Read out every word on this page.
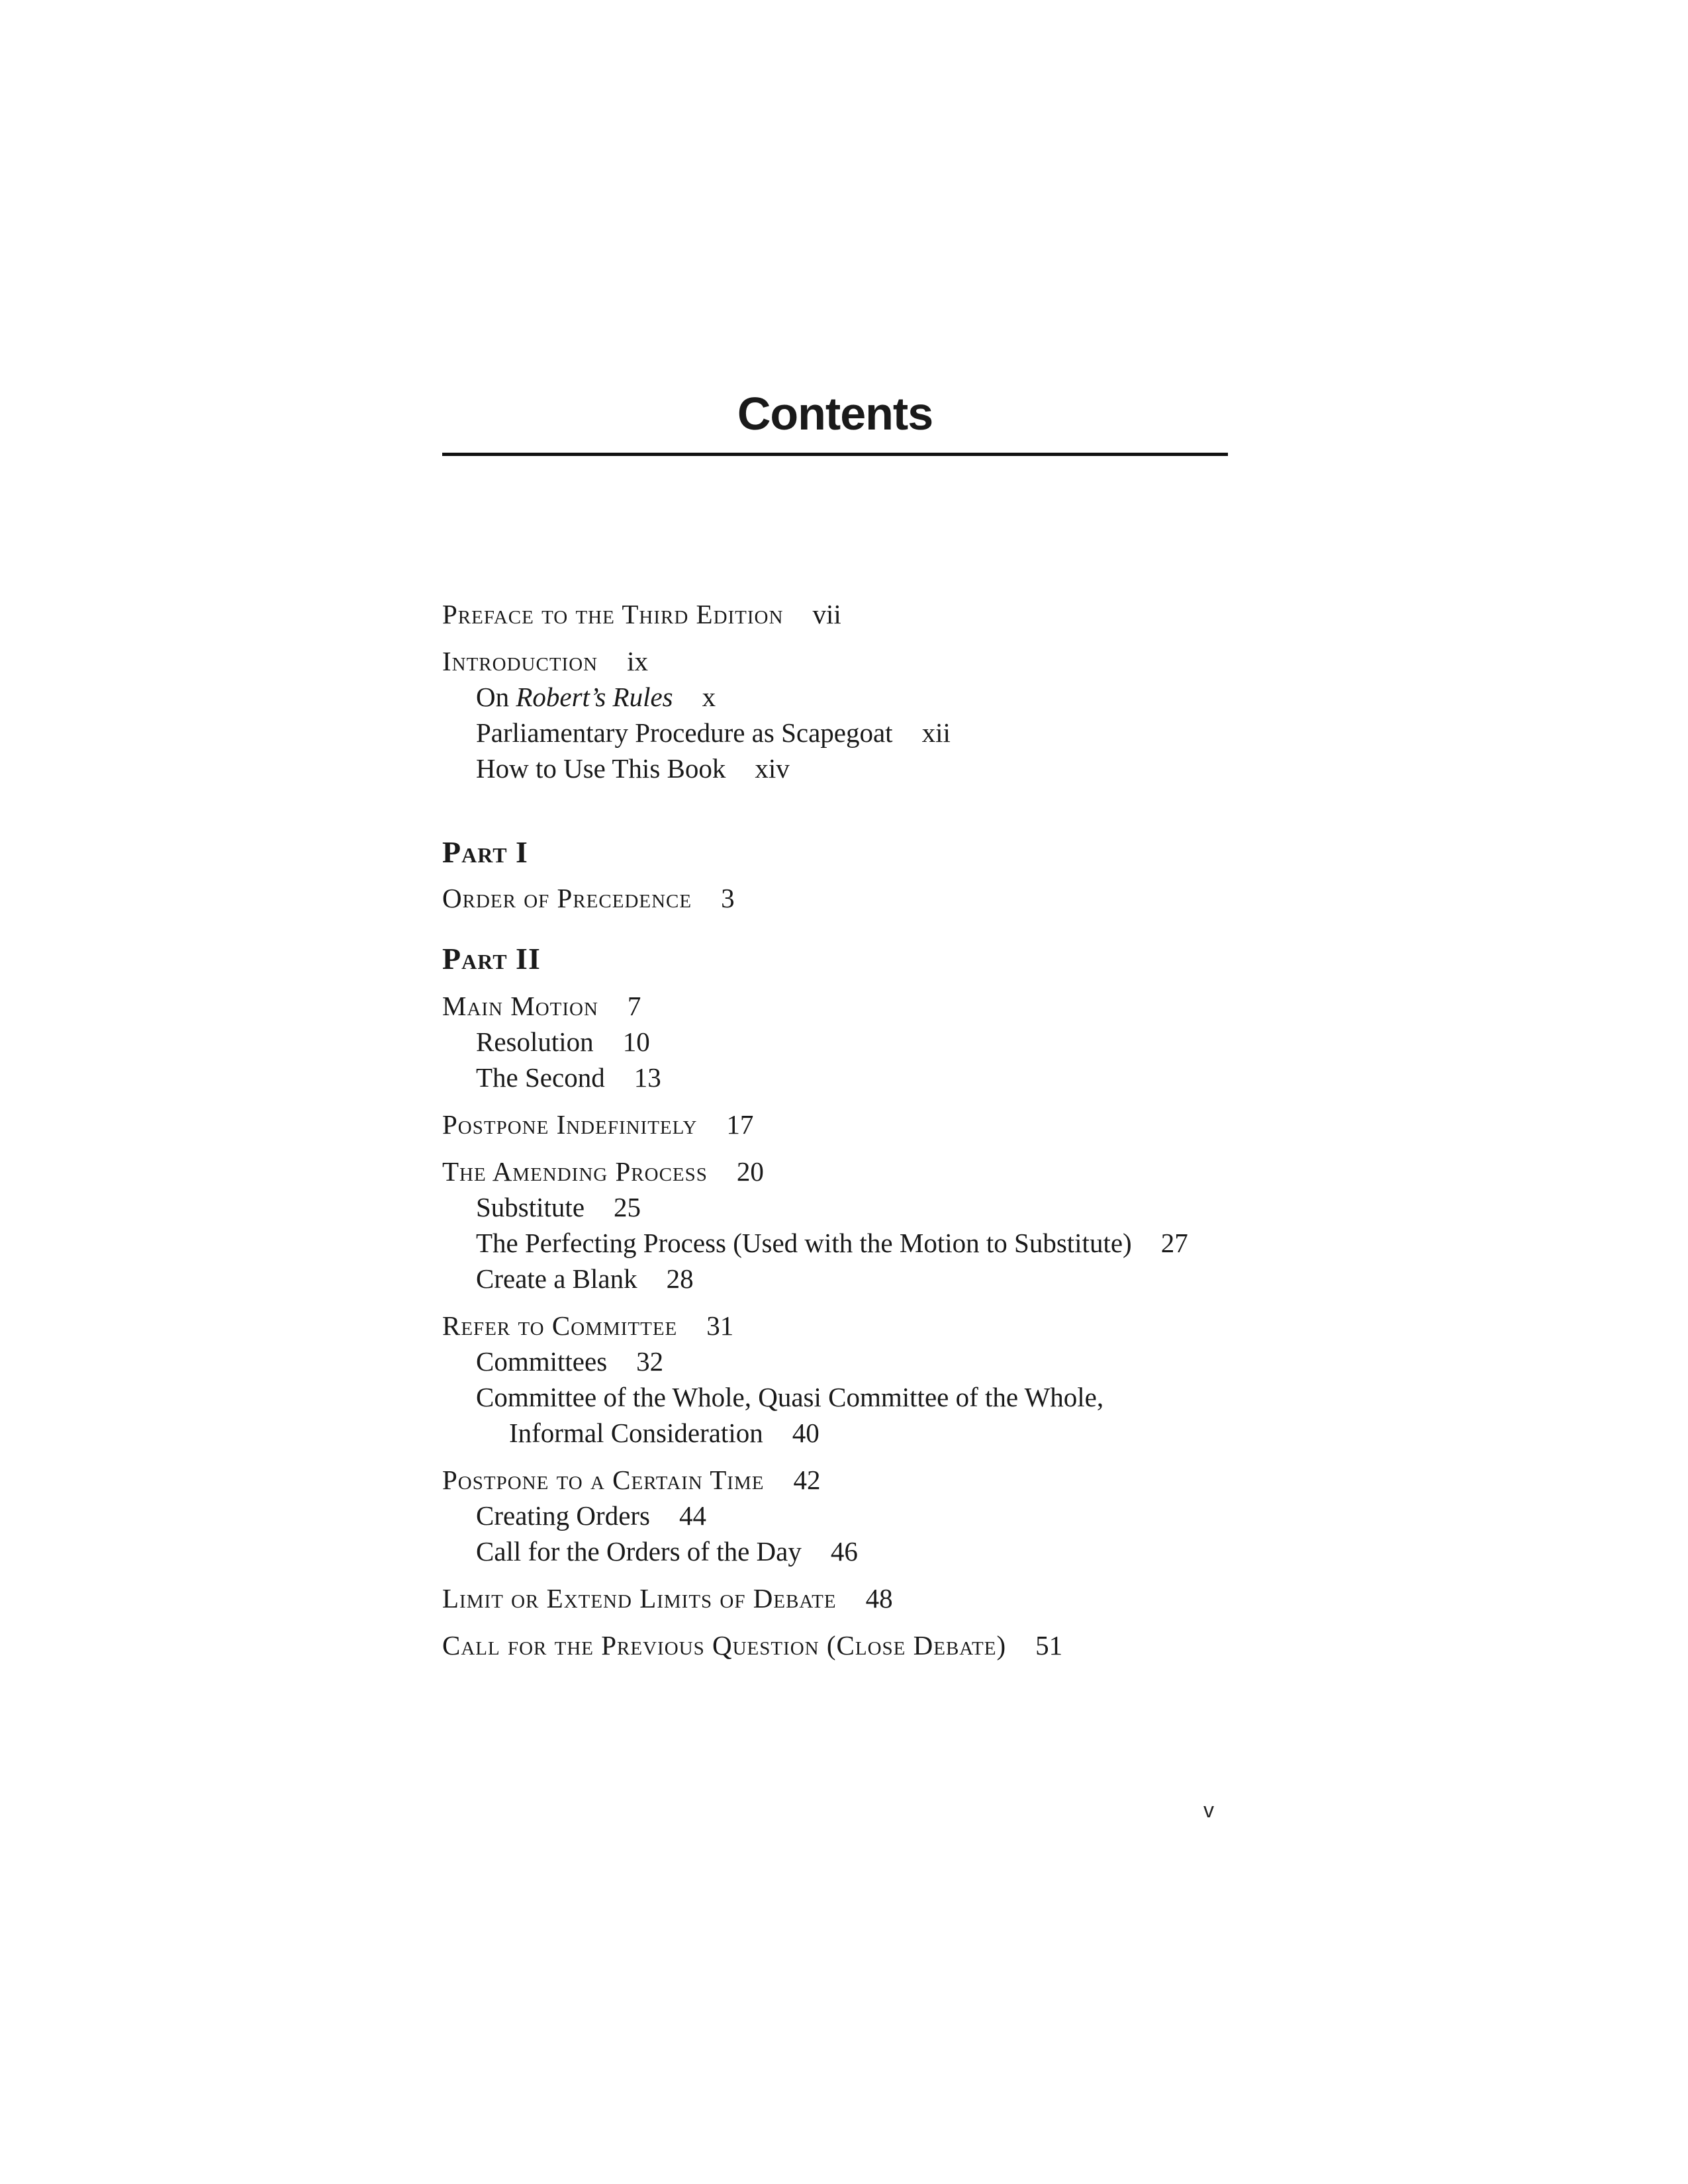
Contents
Preface to the Third Edition vii
Introduction ix
On Robert’s Rules x
Parliamentary Procedure as Scapegoat xii
How to Use This Book xiv
Part I
Order of Precedence 3
Part II
Main Motion 7
Resolution 10
The Second 13
Postpone Indefinitely 17
The Amending Process 20
Substitute 25
The Perfecting Process (Used with the Motion to Substitute) 27
Create a Blank 28
Refer to Committee 31
Committees 32
Committee of the Whole, Quasi Committee of the Whole,
Informal Consideration 40
Postpone to a Certain Time 42
Creating Orders 44
Call for the Orders of the Day 46
Limit or Extend Limits of Debate 48
Call for the Previous Question (Close Debate) 51
v
